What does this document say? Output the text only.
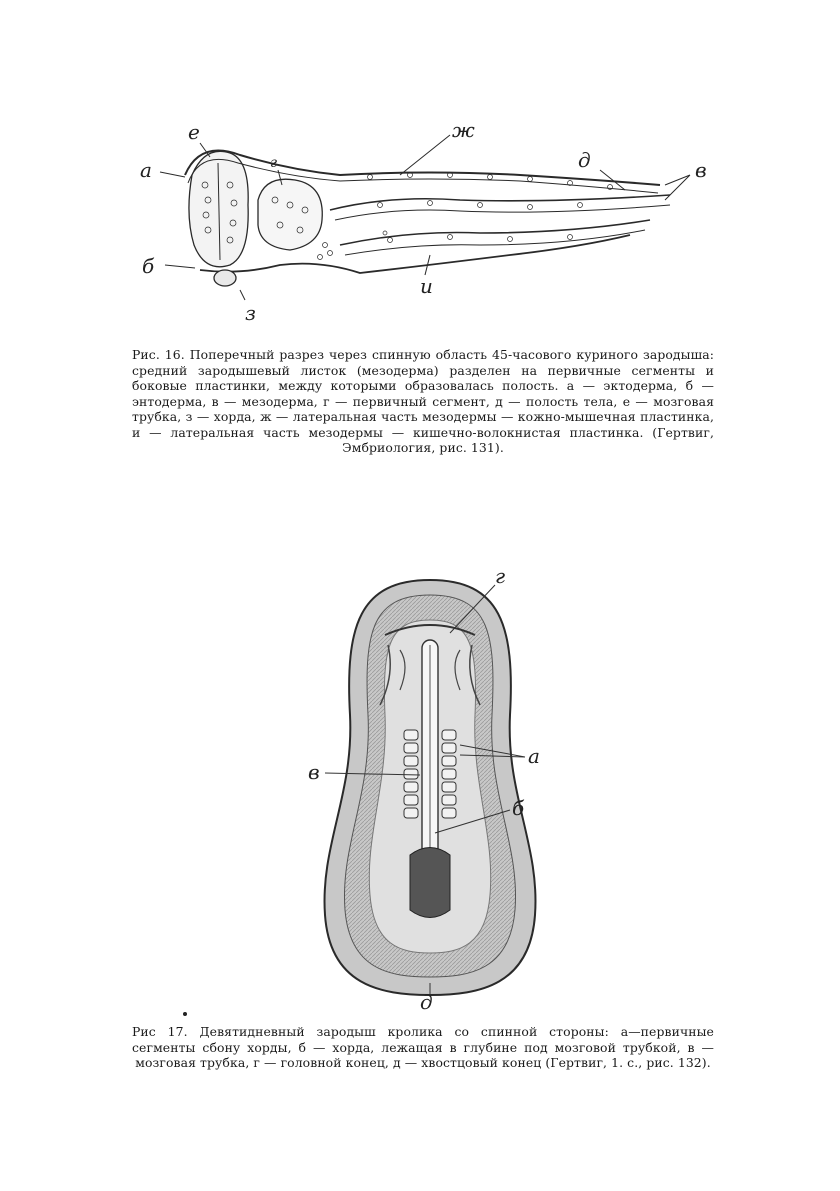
а
е
г
ж
д	в
б
з
и
Рис. 16. Поперечный разрез через спинную область 45-часового куриного зародыша: средний зародышевый листок (мезодерма) разделен на первичные сегменты и боковые пластинки, между которыми образовалась полость. а — эктодерма, б — энтодерма, в — мезодерма, г — первичный сегмент, д — полость тела, е — мозговая трубка, з — хорда, ж — латеральная часть мезодермы — кожно-мышечная пластинка, и — латеральная часть мезодермы — кишечно-волокнистая пластинка. (Гертвиг, Эмбриология, рис. 131).
г
а
в
б
д
Рис 17. Девятидневный зародыш кролика со спинной стороны: а—первичные сегменты сбону хорды, б — хорда, лежащая в глубине под мозговой трубкой, в — мозговая трубка, г — головной конец, д — хвостцовый конец (Гертвиг, 1. с., рис. 132).
